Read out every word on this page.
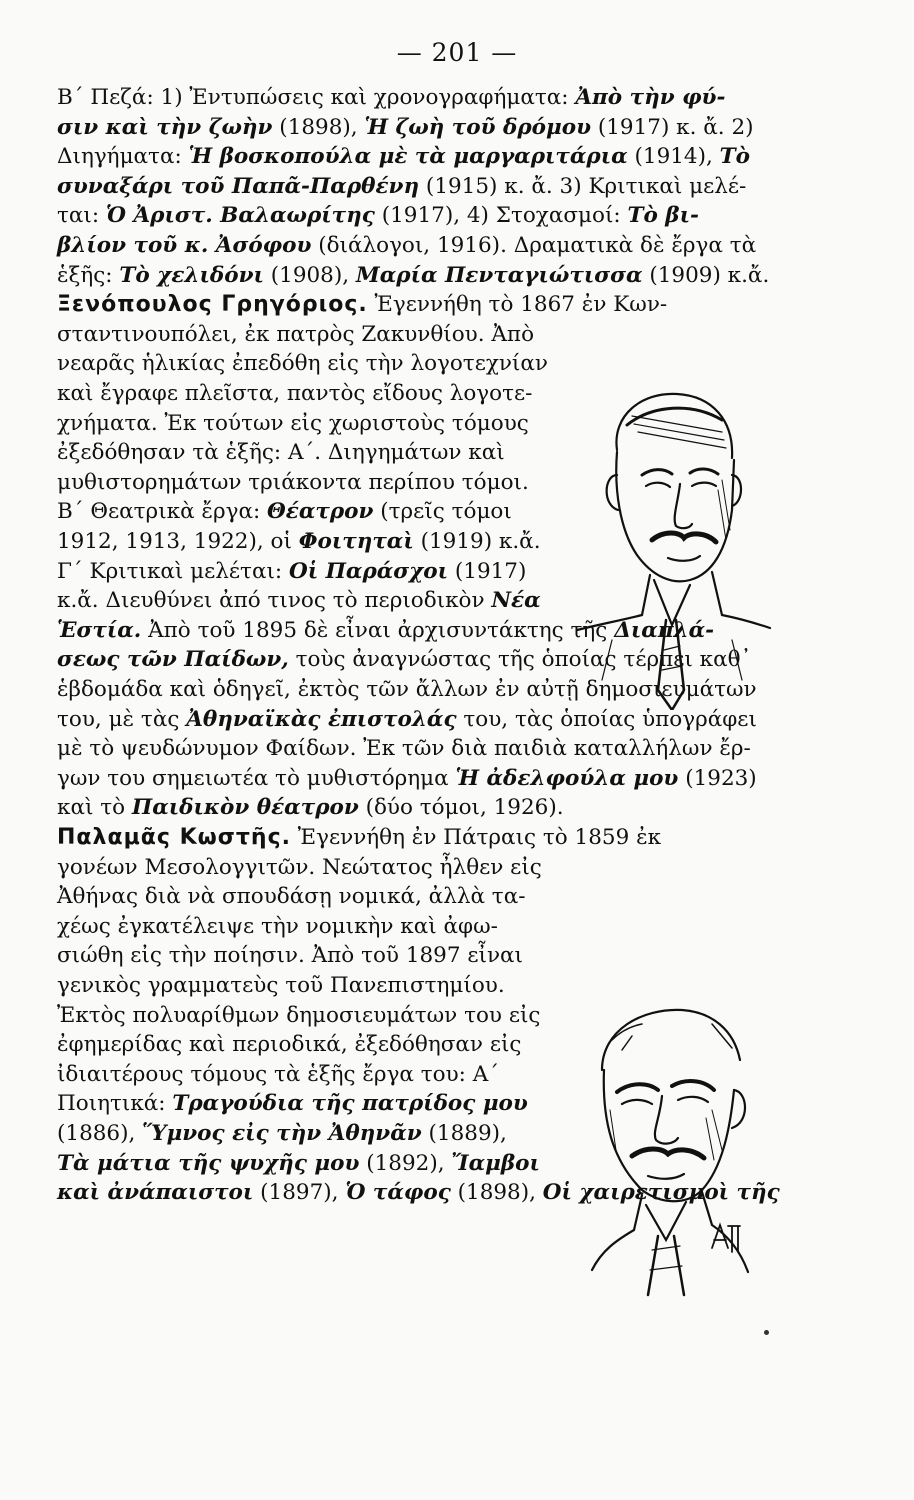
— 201 —
Β΄ Πεζά: 1) Ἐντυπώσεις καὶ χρονογραφήματα: Ἀπὸ τὴν φύ-
σιν καὶ τὴν ζωὴν (1898), Ἡ ζωὴ τοῦ δρόμου (1917) κ. ἄ. 2)
Διηγήματα: Ἡ βοσκοπούλα μὲ τὰ μαργαριτάρια (1914), Τὸ
συναξάρι τοῦ Παπᾶ-Παρθένη (1915) κ. ἄ. 3) Κριτικαὶ μελέ-
ται: Ὁ Ἀριστ. Βαλαωρίτης (1917), 4) Στοχασμοί: Τὸ βι-
βλίον τοῦ κ. Ἀσόφου (διάλογοι, 1916). Δραματικὰ δὲ ἔργα τὰ
ἑξῆς: Τὸ χελιδόνι (1908), Μαρία Πενταγιώτισσα (1909) κ.ἄ.
Ξενόπουλος Γρηγόριος. Ἐγεννήθη τὸ 1867 ἐν Κων-
σταντινουπόλει, ἐκ πατρὸς Ζακυνθίου. Ἀπὸ
νεαρᾶς ἡλικίας ἐπεδόθη εἰς τὴν λογοτεχνίαν
καὶ ἔγραφε πλεῖστα, παντὸς εἴδους λογοτε-
χνήματα. Ἐκ τούτων εἰς χωριστοὺς τόμους
ἐξεδόθησαν τὰ ἑξῆς: Α΄. Διηγημάτων καὶ
μυθιστορημάτων τριάκοντα περίπου τόμοι.
Β΄ Θεατρικὰ ἔργα: Θέατρον (τρεῖς τόμοι
1912, 1913, 1922), οἱ Φοιτηταὶ (1919) κ.ἄ.
Γ΄ Κριτικαὶ μελέται: Οἱ Παράσχοι (1917)
κ.ἄ. Διευθύνει ἀπό τινος τὸ περιοδικὸν Νέα
Ἑστία. Ἀπὸ τοῦ 1895 δὲ εἶναι ἀρχισυντάκτης τῆς Διαπλά-
σεως τῶν Παίδων, τοὺς ἀναγνώστας τῆς ὁποίας τέρπει καθ᾽
ἑβδομάδα καὶ ὁδηγεῖ, ἐκτὸς τῶν ἄλλων ἐν αὐτῇ δημοσιευμάτων
του, μὲ τὰς Ἀθηναϊκὰς ἐπιστολάς του, τὰς ὁποίας ὑπογράφει
μὲ τὸ ψευδώνυμον Φαίδων. Ἐκ τῶν διὰ παιδιὰ καταλλήλων ἔρ-
γων του σημειωτέα τὸ μυθιστόρημα Ἡ ἀδελφούλα μου (1923)
καὶ τὸ Παιδικὸν θέατρον (δύο τόμοι, 1926).
Παλαμᾶς Κωστῆς. Ἐγεννήθη ἐν Πάτραις τὸ 1859 ἐκ
γονέων Μεσολογγιτῶν. Νεώτατος ἦλθεν εἰς
Ἀθήνας διὰ νὰ σπουδάσῃ νομικά, ἀλλὰ τα-
χέως ἐγκατέλειψε τὴν νομικὴν καὶ ἀφω-
σιώθη εἰς τὴν ποίησιν. Ἀπὸ τοῦ 1897 εἶναι
γενικὸς γραμματεὺς τοῦ Πανεπιστημίου.
Ἐκτὸς πολυαρίθμων δημοσιευμάτων του εἰς
ἐφημερίδας καὶ περιοδικά, ἐξεδόθησαν εἰς
ἰδιαιτέρους τόμους τὰ ἑξῆς ἔργα του: Α΄
Ποιητικά: Τραγούδια τῆς πατρίδος μου
(1886), Ὕμνος εἰς τὴν Ἀθηνᾶν (1889),
Τὰ μάτια τῆς ψυχῆς μου (1892), Ἴαμβοι
καὶ ἀνάπαιστοι (1897), Ὁ τάφος (1898), Οἱ χαιρετισμοὶ τῆς
